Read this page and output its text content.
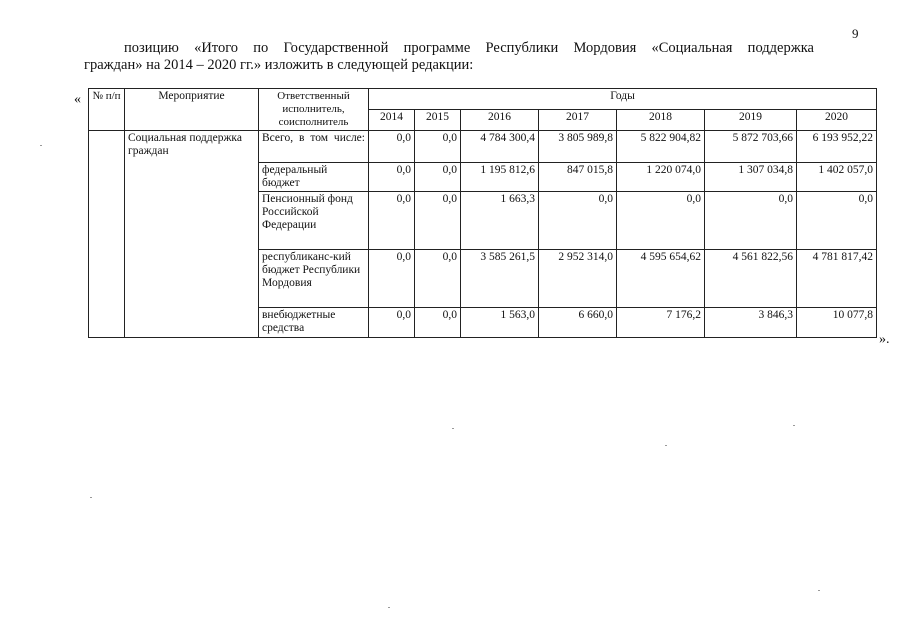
9
позицию «Итого по Государственной программе Республики Мордовия «Социальная поддержка
граждан» на 2014 – 2020 гг.» изложить в следующей редакции:
« № п/п	Мероприятие	Ответственный исполнитель, соисполнитель	Годы						
			2014	2015	2016	2017	2018	2019	2020
	Социальная поддержка граждан	Всего, в том числе:	0,0	0,0	4 784 300,4	3 805 989,8	5 822 904,82	5 872 703,66	6 193 952,22
		федеральный бюджет	0,0	0,0	1 195 812,6	847 015,8	1 220 074,0	1 307 034,8	1 402 057,0
		Пенсионный фонд Российской Федерации	0,0	0,0	1 663,3	0,0	0,0	0,0	0,0
		республиканс-кий бюджет Республики Мордовия	0,0	0,0	3 585 261,5	2 952 314,0	4 595 654,62	4 561 822,56	4 781 817,42
		внебюджетные средства	0,0	0,0	1 563,0	6 660,0	7 176,2	3 846,3	10 077,8
».
